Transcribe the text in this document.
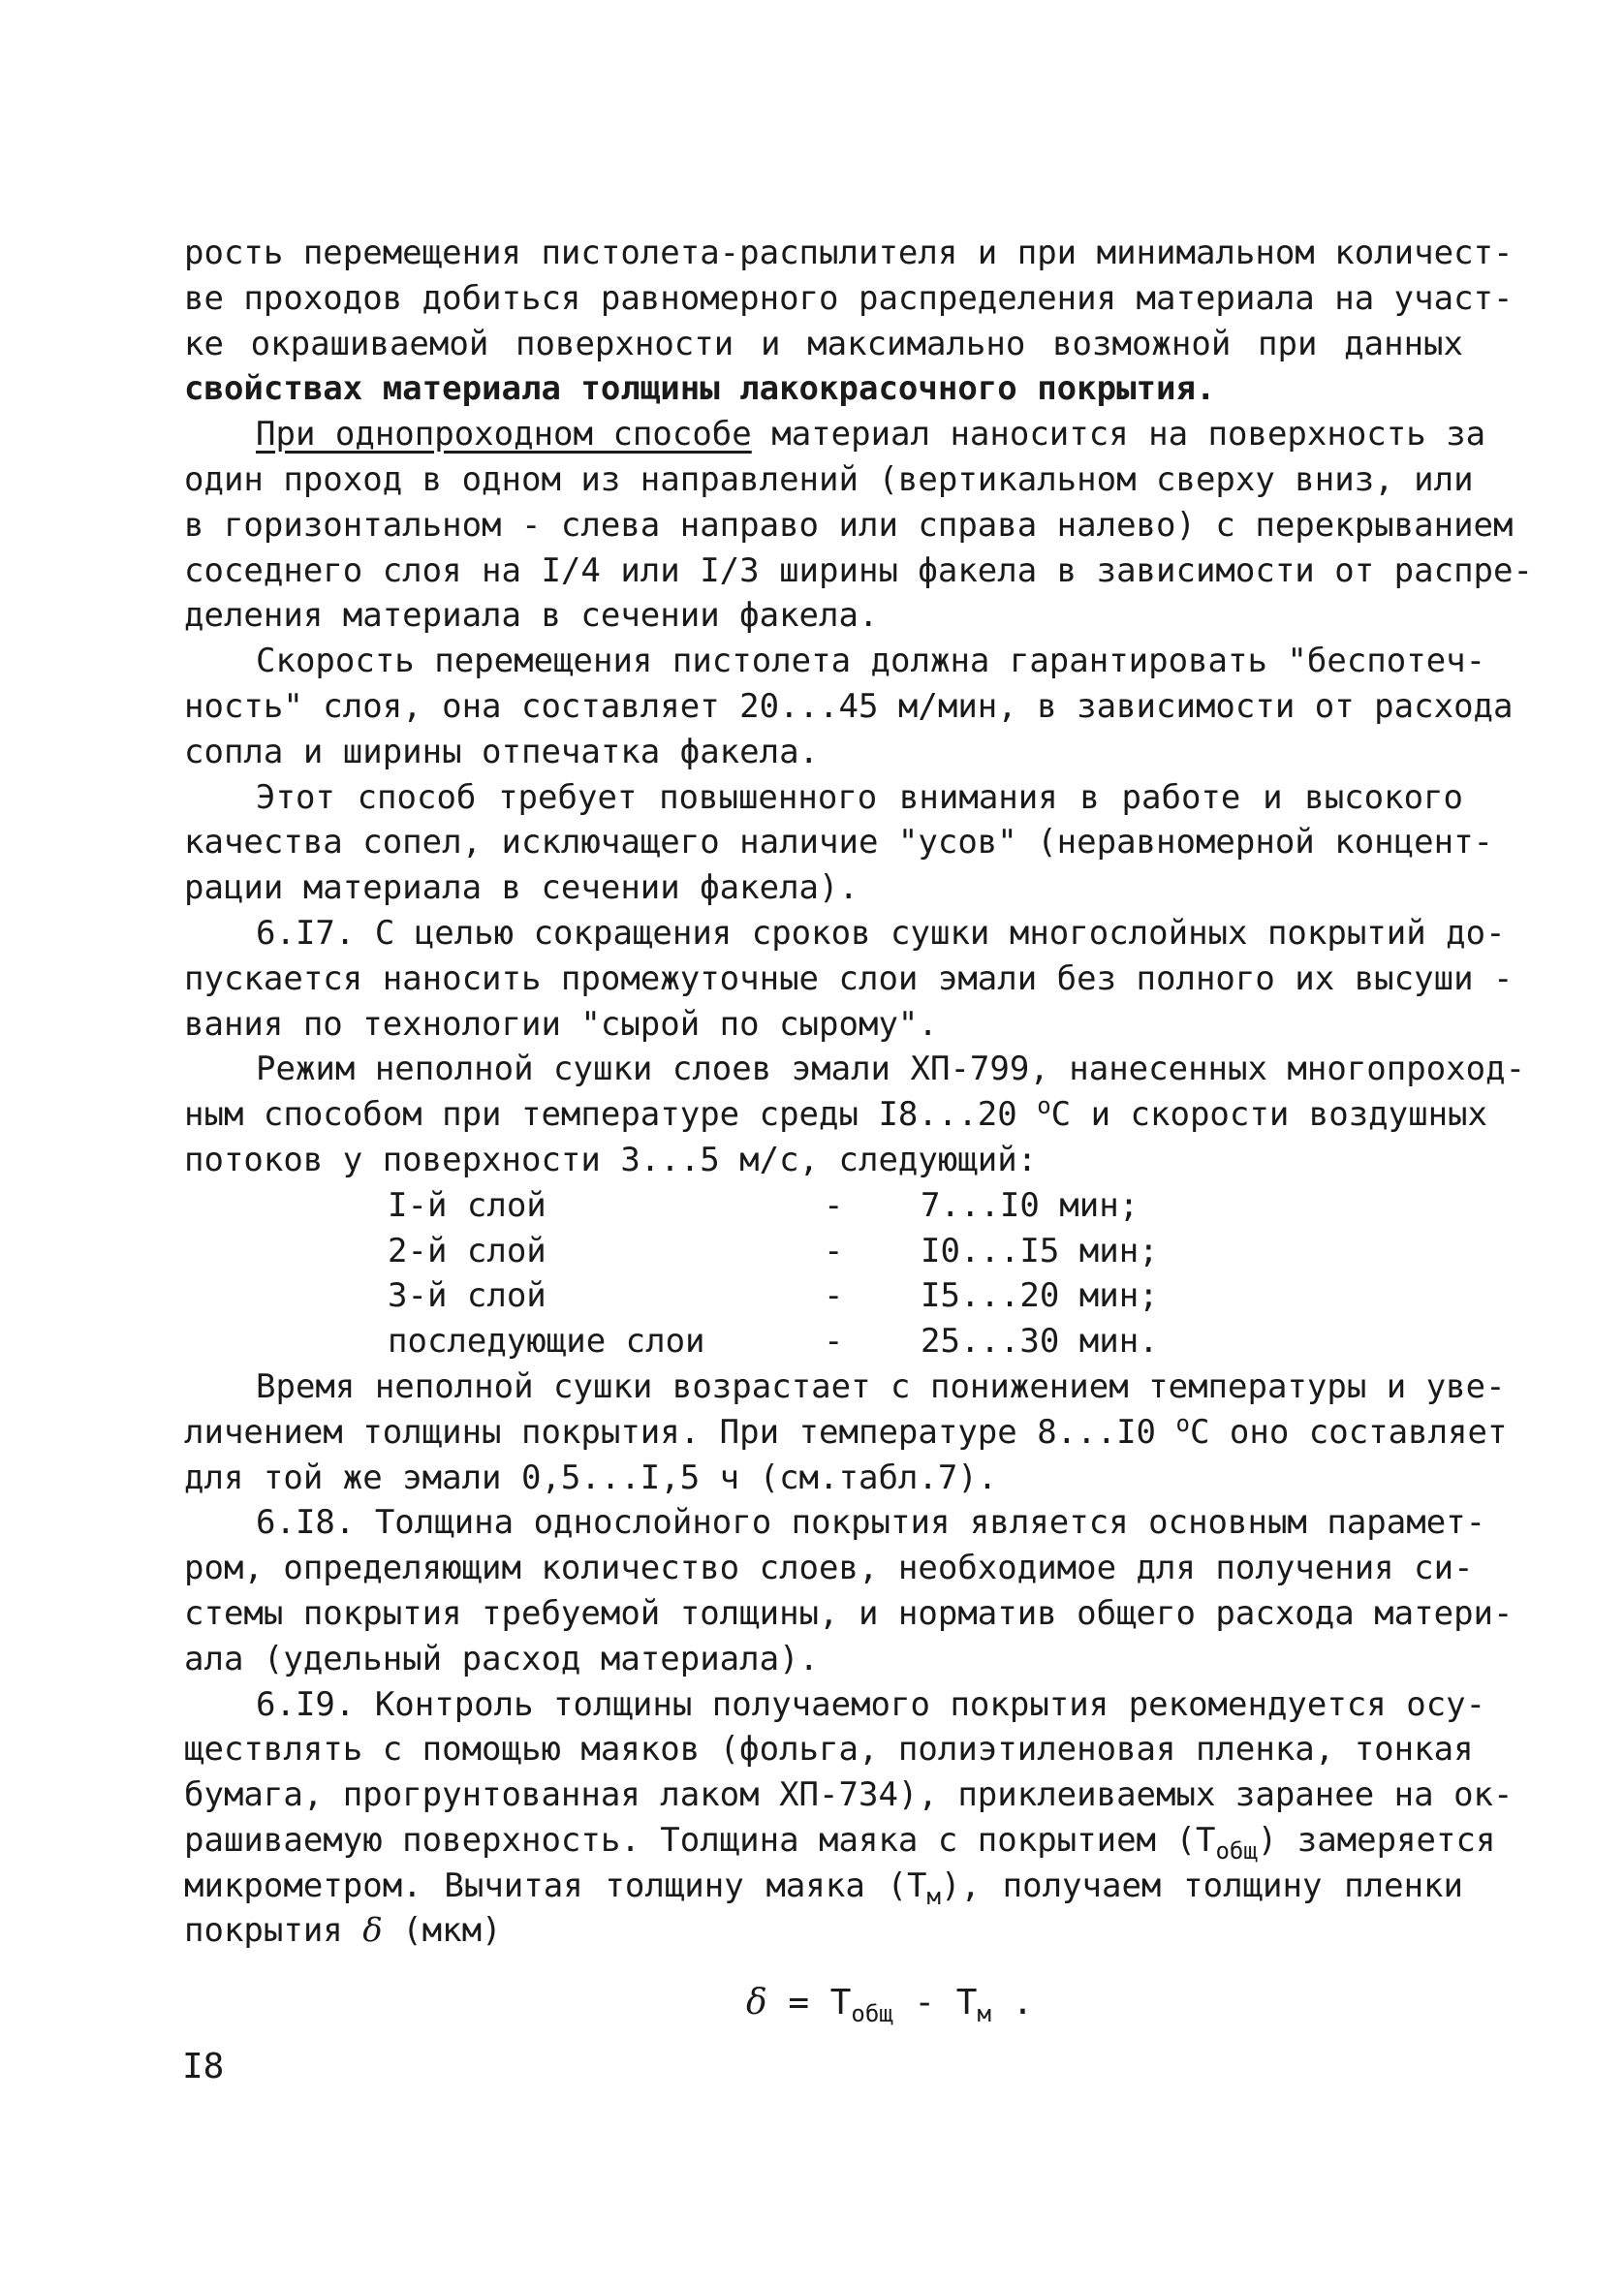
рость перемещения пистолета-распылителя и при минимальном количест-
ве проходов добиться равномерного распределения материала на участ-
ке окрашиваемой поверхности и максимально возможной при данных
свойствах материала толщины лакокрасочного покрытия.
При однопроходном способе материал наносится на поверхность за
один проход в одном из направлений (вертикальном сверху вниз, или
в горизонтальном - слева направо или справа налево) с перекрыванием
соседнего слоя на I/4 или I/3 ширины факела в зависимости от распре-
деления материала в сечении факела.
Скорость перемещения пистолета должна гарантировать "беспотеч-
ность" слоя, она составляет 20...45 м/мин, в зависимости от расхода
сопла и ширины отпечатка факела.
Этот способ требует повышенного внимания в работе и высокого
качества сопел, исключащего наличие "усов" (неравномерной концент-
рации материала в сечении факела).
6.I7. С целью сокращения сроков сушки многослойных покрытий до-
пускается наносить промежуточные слои эмали без полного их высуши -
вания по технологии "сырой по сырому".
Режим неполной сушки слоев эмали ХП-799, нанесенных многопроход-
ным способом при температуре среды I8...20 $^o$C и скорости воздушных
потоков у поверхности 3...5 м/с, следующий:
I-й слой	- 7...I0 мин;
2-й слой	- I0...I5 мин;
3-й слой	- I5...20 мин;
последующие слои	- 25...30 мин.
Время неполной сушки возрастает с понижением температуры и уве-
личением толщины покрытия. При температуре 8...I0 $^o$C оно составляет
для той же эмали 0,5...I,5 ч (см.табл.7).
6.I8. Толщина однослойного покрытия является основным парамет-
ром, определяющим количество слоев, необходимое для получения си-
стемы покрытия требуемой толщины, и норматив общего расхода матери-
ала (удельный расход материала).
6.I9. Контроль толщины получаемого покрытия рекомендуется осу-
ществлять с помощью маяков (фольга, полиэтиленовая пленка, тонкая
бумага, прогрунтованная лаком ХП-734), приклеиваемых заранее на ок-
рашиваемую поверхность. Толщина маяка с покрытием $(Т_{общ})$ замеряется
микрометром. Вычитая толщину маяка $(Т_м)$, получаем толщину пленки
покрытия δ (мкм)
$\delta = Т_{общ} - Т_м$ .
I8
